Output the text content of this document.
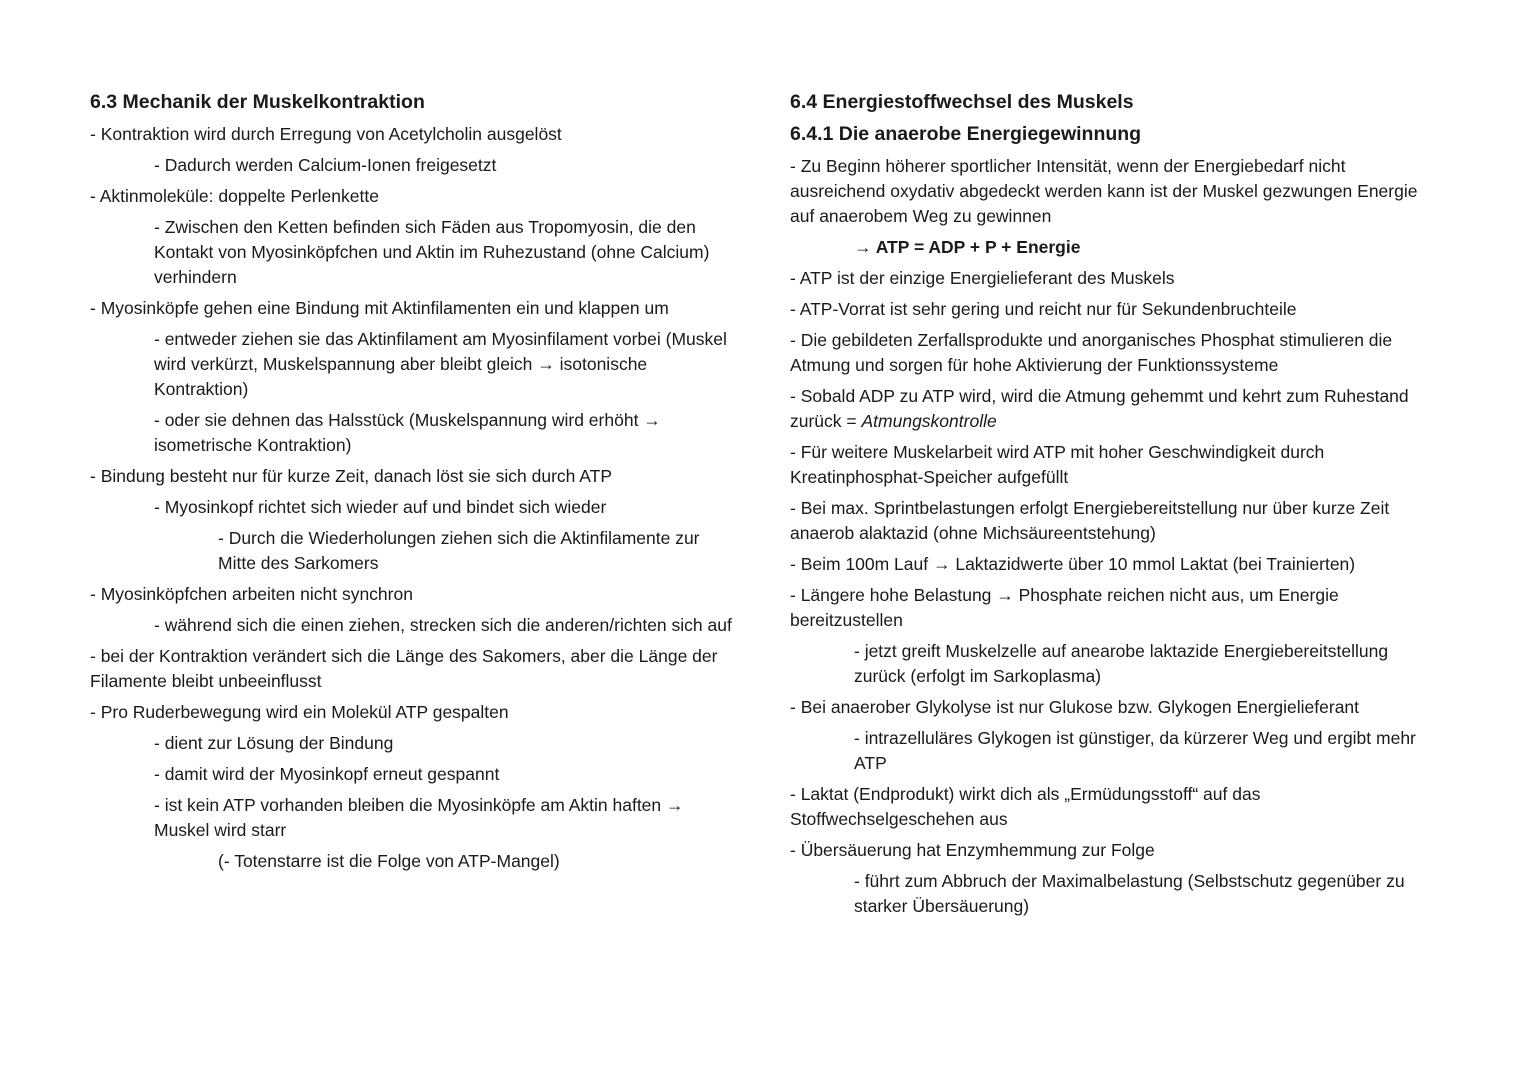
6.3 Mechanik der Muskelkontraktion
- Kontraktion wird durch Erregung von Acetylcholin ausgelöst
- Dadurch werden Calcium-Ionen freigesetzt
- Aktinmoleküle: doppelte Perlenkette
- Zwischen den Ketten befinden sich Fäden aus Tropomyosin, die den Kontakt von Myosinköpfchen und Aktin im Ruhezustand (ohne Calcium) verhindern
- Myosinköpfe gehen eine Bindung mit Aktinfilamenten ein und klappen um
- entweder ziehen sie das Aktinfilament am Myosinfilament vorbei (Muskel wird verkürzt, Muskelspannung aber bleibt gleich → isotonische Kontraktion)
- oder sie dehnen das Halsstück (Muskelspannung wird erhöht → isometrische Kontraktion)
- Bindung besteht nur für kurze Zeit, danach löst sie sich durch ATP
- Myosinkopf richtet sich wieder auf und bindet sich wieder
- Durch die Wiederholungen ziehen sich die Aktinfilamente zur Mitte des Sarkomers
- Myosinköpfchen arbeiten nicht synchron
- während sich die einen ziehen, strecken sich die anderen/richten sich auf
- bei der Kontraktion verändert sich die Länge des Sakomers, aber die Länge der Filamente bleibt unbeeinflusst
- Pro Ruderbewegung wird ein Molekül ATP gespalten
- dient zur Lösung der Bindung
- damit wird der Myosinkopf erneut gespannt
- ist kein ATP vorhanden bleiben die Myosinköpfe am Aktin haften → Muskel wird starr
(- Totenstarre ist die Folge von ATP-Mangel)
6.4 Energiestoffwechsel des Muskels
6.4.1 Die anaerobe Energiegewinnung
- Zu Beginn höherer sportlicher Intensität, wenn der Energiebedarf nicht ausreichend oxydativ abgedeckt werden kann ist der Muskel gezwungen Energie auf anaerobem Weg zu gewinnen
→ ATP = ADP + P + Energie
- ATP ist der einzige Energielieferant des Muskels
- ATP-Vorrat ist sehr gering und reicht nur für Sekundenbruchteile
- Die gebildeten Zerfallsprodukte und anorganisches Phosphat stimulieren die Atmung und sorgen für hohe Aktivierung der Funktionssysteme
- Sobald ADP zu ATP wird, wird die Atmung gehemmt und kehrt zum Ruhestand zurück = Atmungskontrolle
- Für weitere Muskelarbeit wird ATP mit hoher Geschwindigkeit durch Kreatinphosphat-Speicher aufgefüllt
- Bei max. Sprintbelastungen erfolgt Energiebereitstellung nur über kurze Zeit anaerob alaktazid (ohne Michsäureentstehung)
- Beim 100m Lauf → Laktazidwerte über 10 mmol Laktat (bei Trainierten)
- Längere hohe Belastung → Phosphate reichen nicht aus, um Energie bereitzustellen
- jetzt greift Muskelzelle auf anearobe laktazide Energiebereitstellung zurück (erfolgt im Sarkoplasma)
- Bei anaerober Glykolyse ist nur Glukose bzw. Glykogen Energielieferant
- intrazelluläres Glykogen ist günstiger, da kürzerer Weg und ergibt mehr ATP
- Laktat (Endprodukt) wirkt dich als „Ermüdungsstoff“ auf das Stoffwechselgeschehen aus
- Übersäuerung hat Enzymhemmung zur Folge
- führt zum Abbruch der Maximalbelastung (Selbstschutz gegenüber zu starker Übersäuerung)
